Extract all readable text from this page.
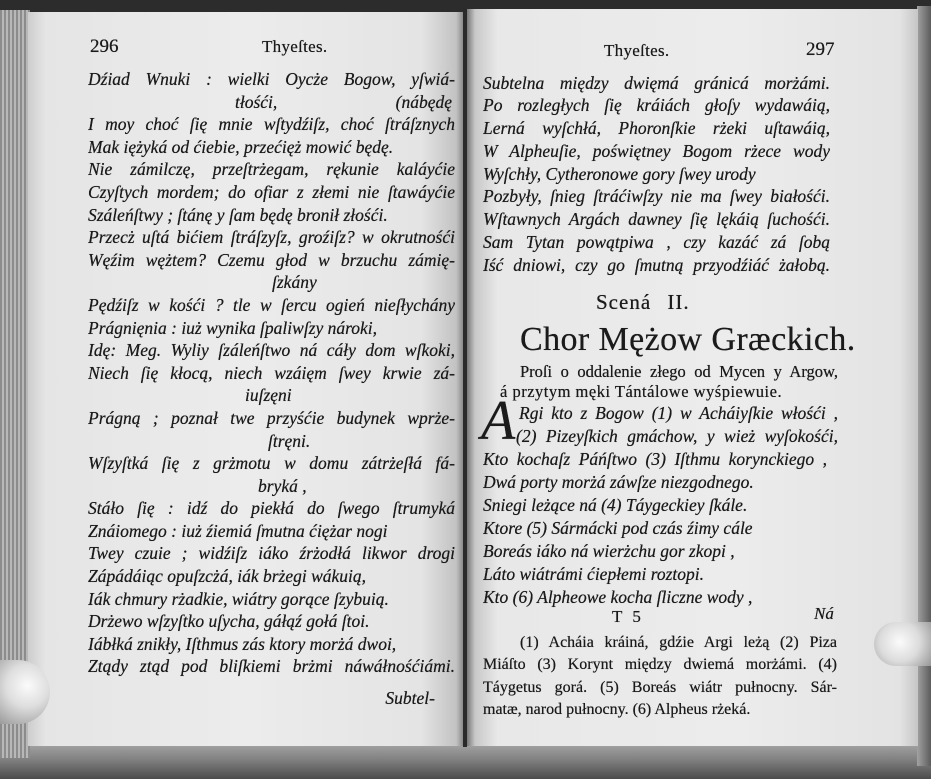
296	Thyeſtes.
Dźiad Wnuki : wielki Oycże Bogow, yſwiá-
tłośći,	(nábędę
I moy choć ſię mnie wſtydźiſz, choć ſtráſznych
Mak iężyká od ćiebie, przećięż mowić będę.
Nie zámilczę, przeſtrżegam, rękunie kaláyćie
Czyſtych mordem; do ofiar z złemi nie ſtawáyćie
Száleńſtwy ; ſtánę y ſam będę bronił złośći.
Przecż uſtá bićiem ſtráſzyſz, groźiſz? w okrutnośći
Węźim wężtem? Czemu głod w brzuchu zámię-
ſzkány
Pędźiſz w kośći ? tle w ſercu ogień nieſłychány
Prágnięnia : iuż wynika ſpaliwſzy nároki,
Idę: Meg. Wyliy ſzáleńſtwo ná cáły dom wſkoki,
Niech ſię kłocą, niech wzáięm ſwey krwie zá-
iuſzęni
Prágną ; poznał twe przyśćie budynek wprże-
ſtręni.
Wſzyſtká ſię z grżmotu w domu zátrżeſłá fá-
bryká ,
Stáło ſię : idź do piekłá do ſwego ſtrumyká
Znáiomego : iuż źiemiá ſmutna ćiężar nogi
Twey czuie ; widźiſz iáko źrżodłá likwor drogi
Zápádáiąc opuſzcżá, iák brżegi wákuią,
Iák chmury rżadkie, wiátry gorące ſzybuią.
Drżewo wſzyſtko uſycha, gáłąź gołá ſtoi.
Iábłká znikły, Iſthmus zás ktory morżá dwoi,
Ztądy ztąd pod bliſkiemi brżmi náwáłnośćiámi.
Subtel-
Thyeſtes.	297
Subtelna między dwięmá gránicá morżámi.
Po rozległych ſię kráiách głoſy wydawáią,
Lerná wyſchłá, Phoronſkie rżeki uſtawáią,
W Alpheuſie, poświętney Bogom rżece wody
Wyſchły, Cytheronowe gory ſwey urody
Pozbyły, ſnieg ſtráćiwſzy nie ma ſwey białośći.
Wſtawnych Argách dawney ſię lękáią ſuchośći.
Sam Tytan powątpiwa , czy kazáć zá ſobą
Iść dniowi, czy go ſmutną przyodźiáć żałobą.
Scená II.
Chor Mężow Græckich.
Proſi o oddalenie złego od Mycen y Argow,
á przytym męki Tántálowe wyśpiewuie.
A Rgi kto z Bogow (1) w Acháiyſkie włośći ,
(2) Pizeyſkich gmáchow, y wież wyſokośći,
Kto kochaſz Páńſtwo (3) Iſthmu korynckiego ,
Dwá porty morżá záwſze niezgodnego.
Sniegi leżące ná (4) Táygeckiey ſkále.
Ktore (5) Sármácki pod czás źimy cále
Boreás iáko ná wierżchu gor zkopi ,
Láto wiátrámi ćiepłemi roztopi.
Kto (6) Alpheowe kocha ſliczne wody ,
T 5	Ná
(1) Acháia kráiná, gdźie Argi leżą (2) Piza
Miáſto (3) Korynt między dwiemá morżámi. (4)
Táygetus gorá. (5) Boreás wiátr pułnocny. Sár-
matæ, narod pułnocny. (6) Alpheus rżeká.
